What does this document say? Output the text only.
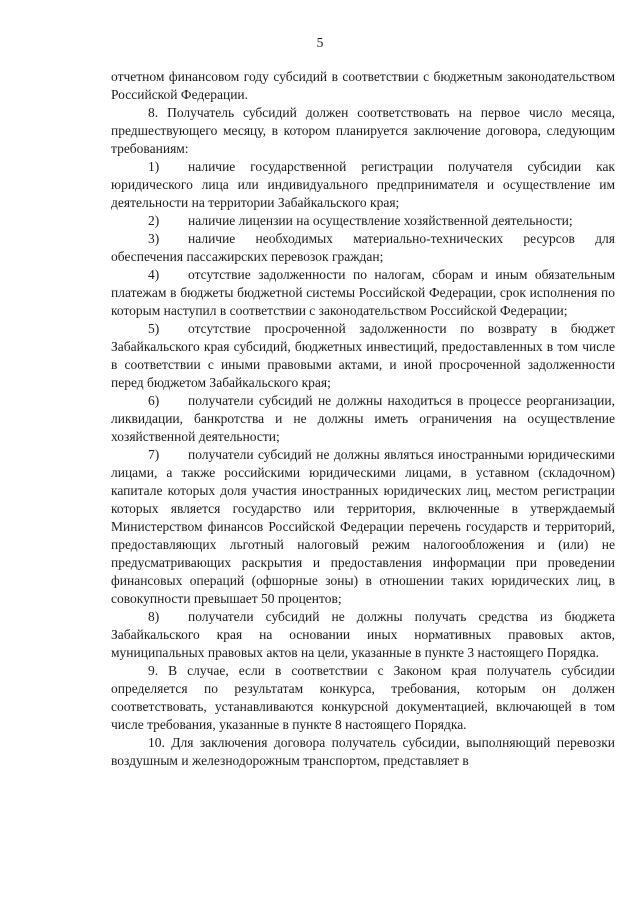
5

отчетном финансовом году субсидий в соответствии с бюджетным законодательством Российской Федерации.

8. Получатель субсидий должен соответствовать на первое число месяца, предшествующего месяцу, в котором планируется заключение договора, следующим требованиям:

1) наличие государственной регистрации получателя субсидии как юридического лица или индивидуального предпринимателя и осуществление им деятельности на территории Забайкальского края;

2) наличие лицензии на осуществление хозяйственной деятельности;

3) наличие необходимых материально-технических ресурсов для обеспечения пассажирских перевозок граждан;

4) отсутствие задолженности по налогам, сборам и иным обязательным платежам в бюджеты бюджетной системы Российской Федерации, срок исполнения по которым наступил в соответствии с законодательством Российской Федерации;

5) отсутствие просроченной задолженности по возврату в бюджет Забайкальского края субсидий, бюджетных инвестиций, предоставленных в том числе в соответствии с иными правовыми актами, и иной просроченной задолженности перед бюджетом Забайкальского края;

6) получатели субсидий не должны находиться в процессе реорганизации, ликвидации, банкротства и не должны иметь ограничения на осуществление хозяйственной деятельности;

7) получатели субсидий не должны являться иностранными юридическими лицами, а также российскими юридическими лицами, в уставном (складочном) капитале которых доля участия иностранных юридических лиц, местом регистрации которых является государство или территория, включенные в утверждаемый Министерством финансов Российской Федерации перечень государств и территорий, предоставляющих льготный налоговый режим налогообложения и (или) не предусматривающих раскрытия и предоставления информации при проведении финансовых операций (офшорные зоны) в отношении таких юридических лиц, в совокупности превышает 50 процентов;

8) получатели субсидий не должны получать средства из бюджета Забайкальского края на основании иных нормативных правовых актов, муниципальных правовых актов на цели, указанные в пункте 3 настоящего Порядка.

9. В случае, если в соответствии с Законом края получатель субсидии определяется по результатам конкурса, требования, которым он должен соответствовать, устанавливаются конкурсной документацией, включающей в том числе требования, указанные в пункте 8 настоящего Порядка.

10. Для заключения договора получатель субсидии, выполняющий перевозки воздушным и железнодорожным транспортом, представляет в
